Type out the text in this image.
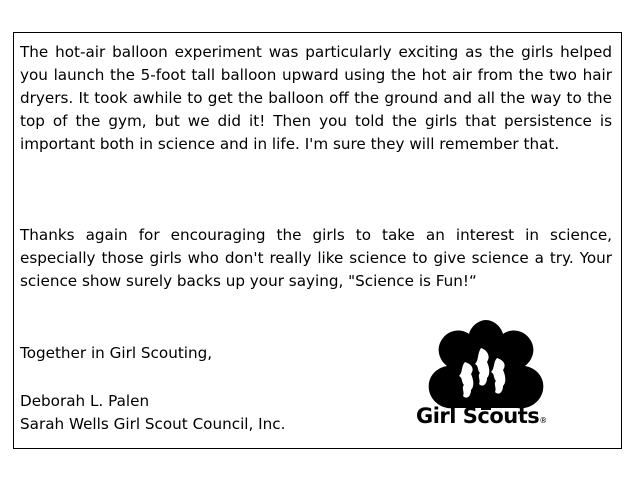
The hot-air balloon experiment was particularly exciting as the girls helped you launch the 5-foot tall balloon upward using the hot air from the two hair dryers. It took awhile to get the balloon off the ground and all the way to the top of the gym, but we did it! Then you told the girls that persistence is important both in science and in life. I'm sure they will remember that.

Thanks again for encouraging the girls to take an interest in science, especially those girls who don't really like science to give science a try. Your science show surely backs up your saying, "Science is Fun!“

Together in Girl Scouting,

Deborah L. Palen

Sarah Wells Girl Scout Council, Inc.	Girl Scouts®
